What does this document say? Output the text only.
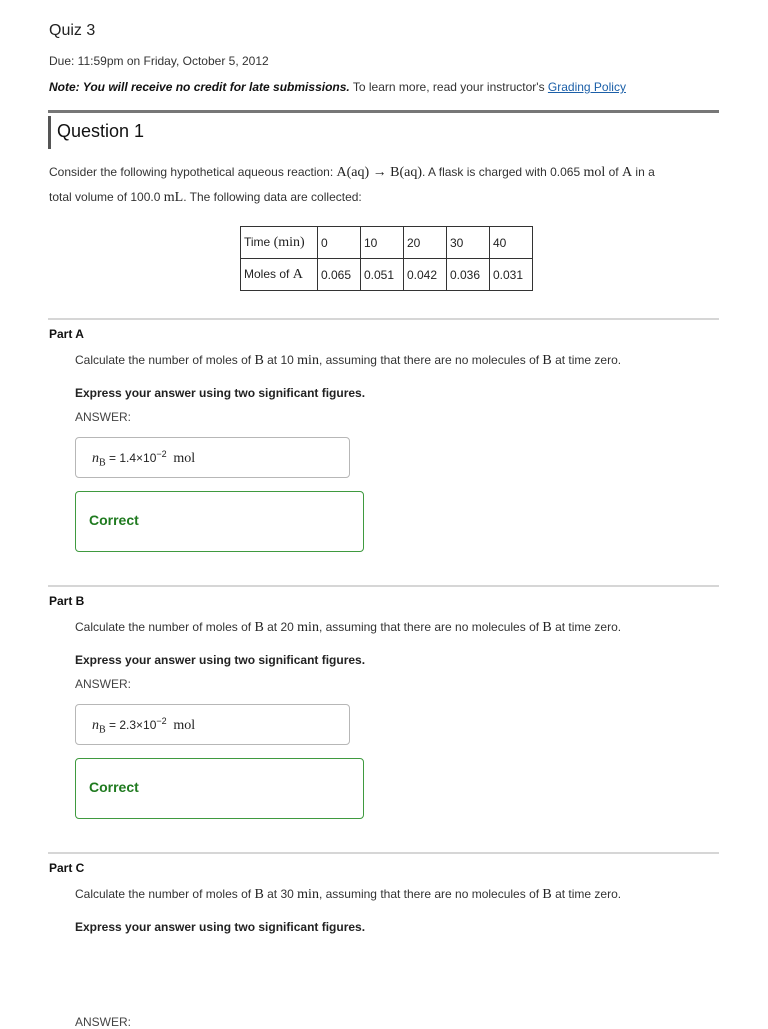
Quiz 3
Due: 11:59pm on Friday, October 5, 2012
Note: You will receive no credit for late submissions. To learn more, read your instructor's Grading Policy
Question 1
Consider the following hypothetical aqueous reaction: A(aq) → B(aq). A flask is charged with 0.065 mol of A in a
total volume of 100.0 mL. The following data are collected:
Time (min)	0	10	20	30	40
Moles of A	0.065	0.051	0.042	0.036	0.031
Part A
Calculate the number of moles of B at 10 min, assuming that there are no molecules of B at time zero.
Express your answer using two significant figures.
ANSWER:
$n_B = 1.4\times 10^{-2}$ mol
Correct
Part B
Calculate the number of moles of B at 20 min, assuming that there are no molecules of B at time zero.
Express your answer using two significant figures.
ANSWER:
$n_B = 2.3\times 10^{-2}$ mol
Correct
Part C
Calculate the number of moles of B at 30 min, assuming that there are no molecules of B at time zero.
Express your answer using two significant figures.
ANSWER:
